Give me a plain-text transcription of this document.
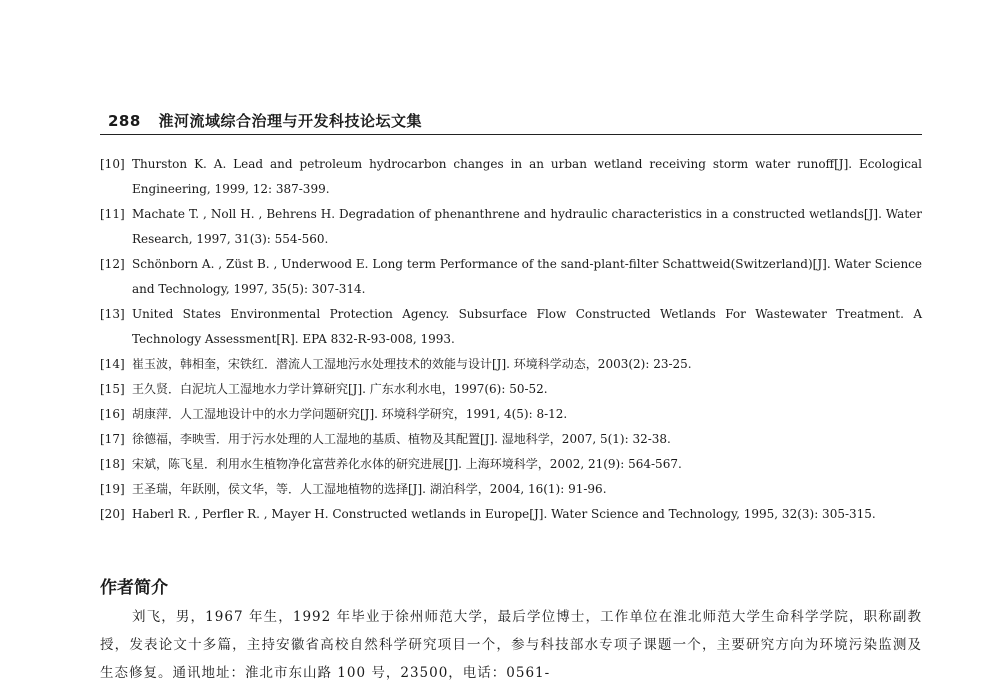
288 淮河流域综合治理与开发科技论坛文集
[10] Thurston K. A. Lead and petroleum hydrocarbon changes in an urban wetland receiving storm water runoff[J]. Ecological Engineering, 1999, 12: 387-399.
[11] Machate T. , Noll H. , Behrens H. Degradation of phenanthrene and hydraulic characteristics in a constructed wetlands[J]. Water Research, 1997, 31(3): 554-560.
[12] Schönborn A. , Züst B. , Underwood E. Long term Performance of the sand-plant-filter Schattweid(Switzerland)[J]. Water Science and Technology, 1997, 35(5): 307-314.
[13] United States Environmental Protection Agency. Subsurface Flow Constructed Wetlands For Wastewater Treatment. A Technology Assessment[R]. EPA 832-R-93-008, 1993.
[14] 崔玉波，韩相奎，宋铁红．潜流人工湿地污水处理技术的效能与设计[J]. 环境科学动态，2003(2): 23-25.
[15] 王久贤．白泥坑人工湿地水力学计算研究[J]. 广东水利水电，1997(6): 50-52.
[16] 胡康萍．人工湿地设计中的水力学问题研究[J]. 环境科学研究，1991, 4(5): 8-12.
[17] 徐德福，李映雪．用于污水处理的人工湿地的基质、植物及其配置[J]. 湿地科学，2007, 5(1): 32-38.
[18] 宋斌，陈飞星．利用水生植物净化富营养化水体的研究进展[J]. 上海环境科学，2002, 21(9): 564-567.
[19] 王圣瑞，年跃刚，侯文华，等．人工湿地植物的选择[J]. 湖泊科学，2004, 16(1): 91-96.
[20] Haberl R. , Perfler R. , Mayer H. Constructed wetlands in Europe[J]. Water Science and Technology, 1995, 32(3): 305-315.
作者简介

刘飞，男，1967 年生，1992 年毕业于徐州师范大学，最后学位博士，工作单位在淮北师范大学生命科学学院，职称副教授，发表论文十多篇，主持安徽省高校自然科学研究项目一个，参与科技部水专项子课题一个，主要研究方向为环境污染监测及生态修复。通讯地址：淮北市东山路 100 号，23500，电话：0561-
